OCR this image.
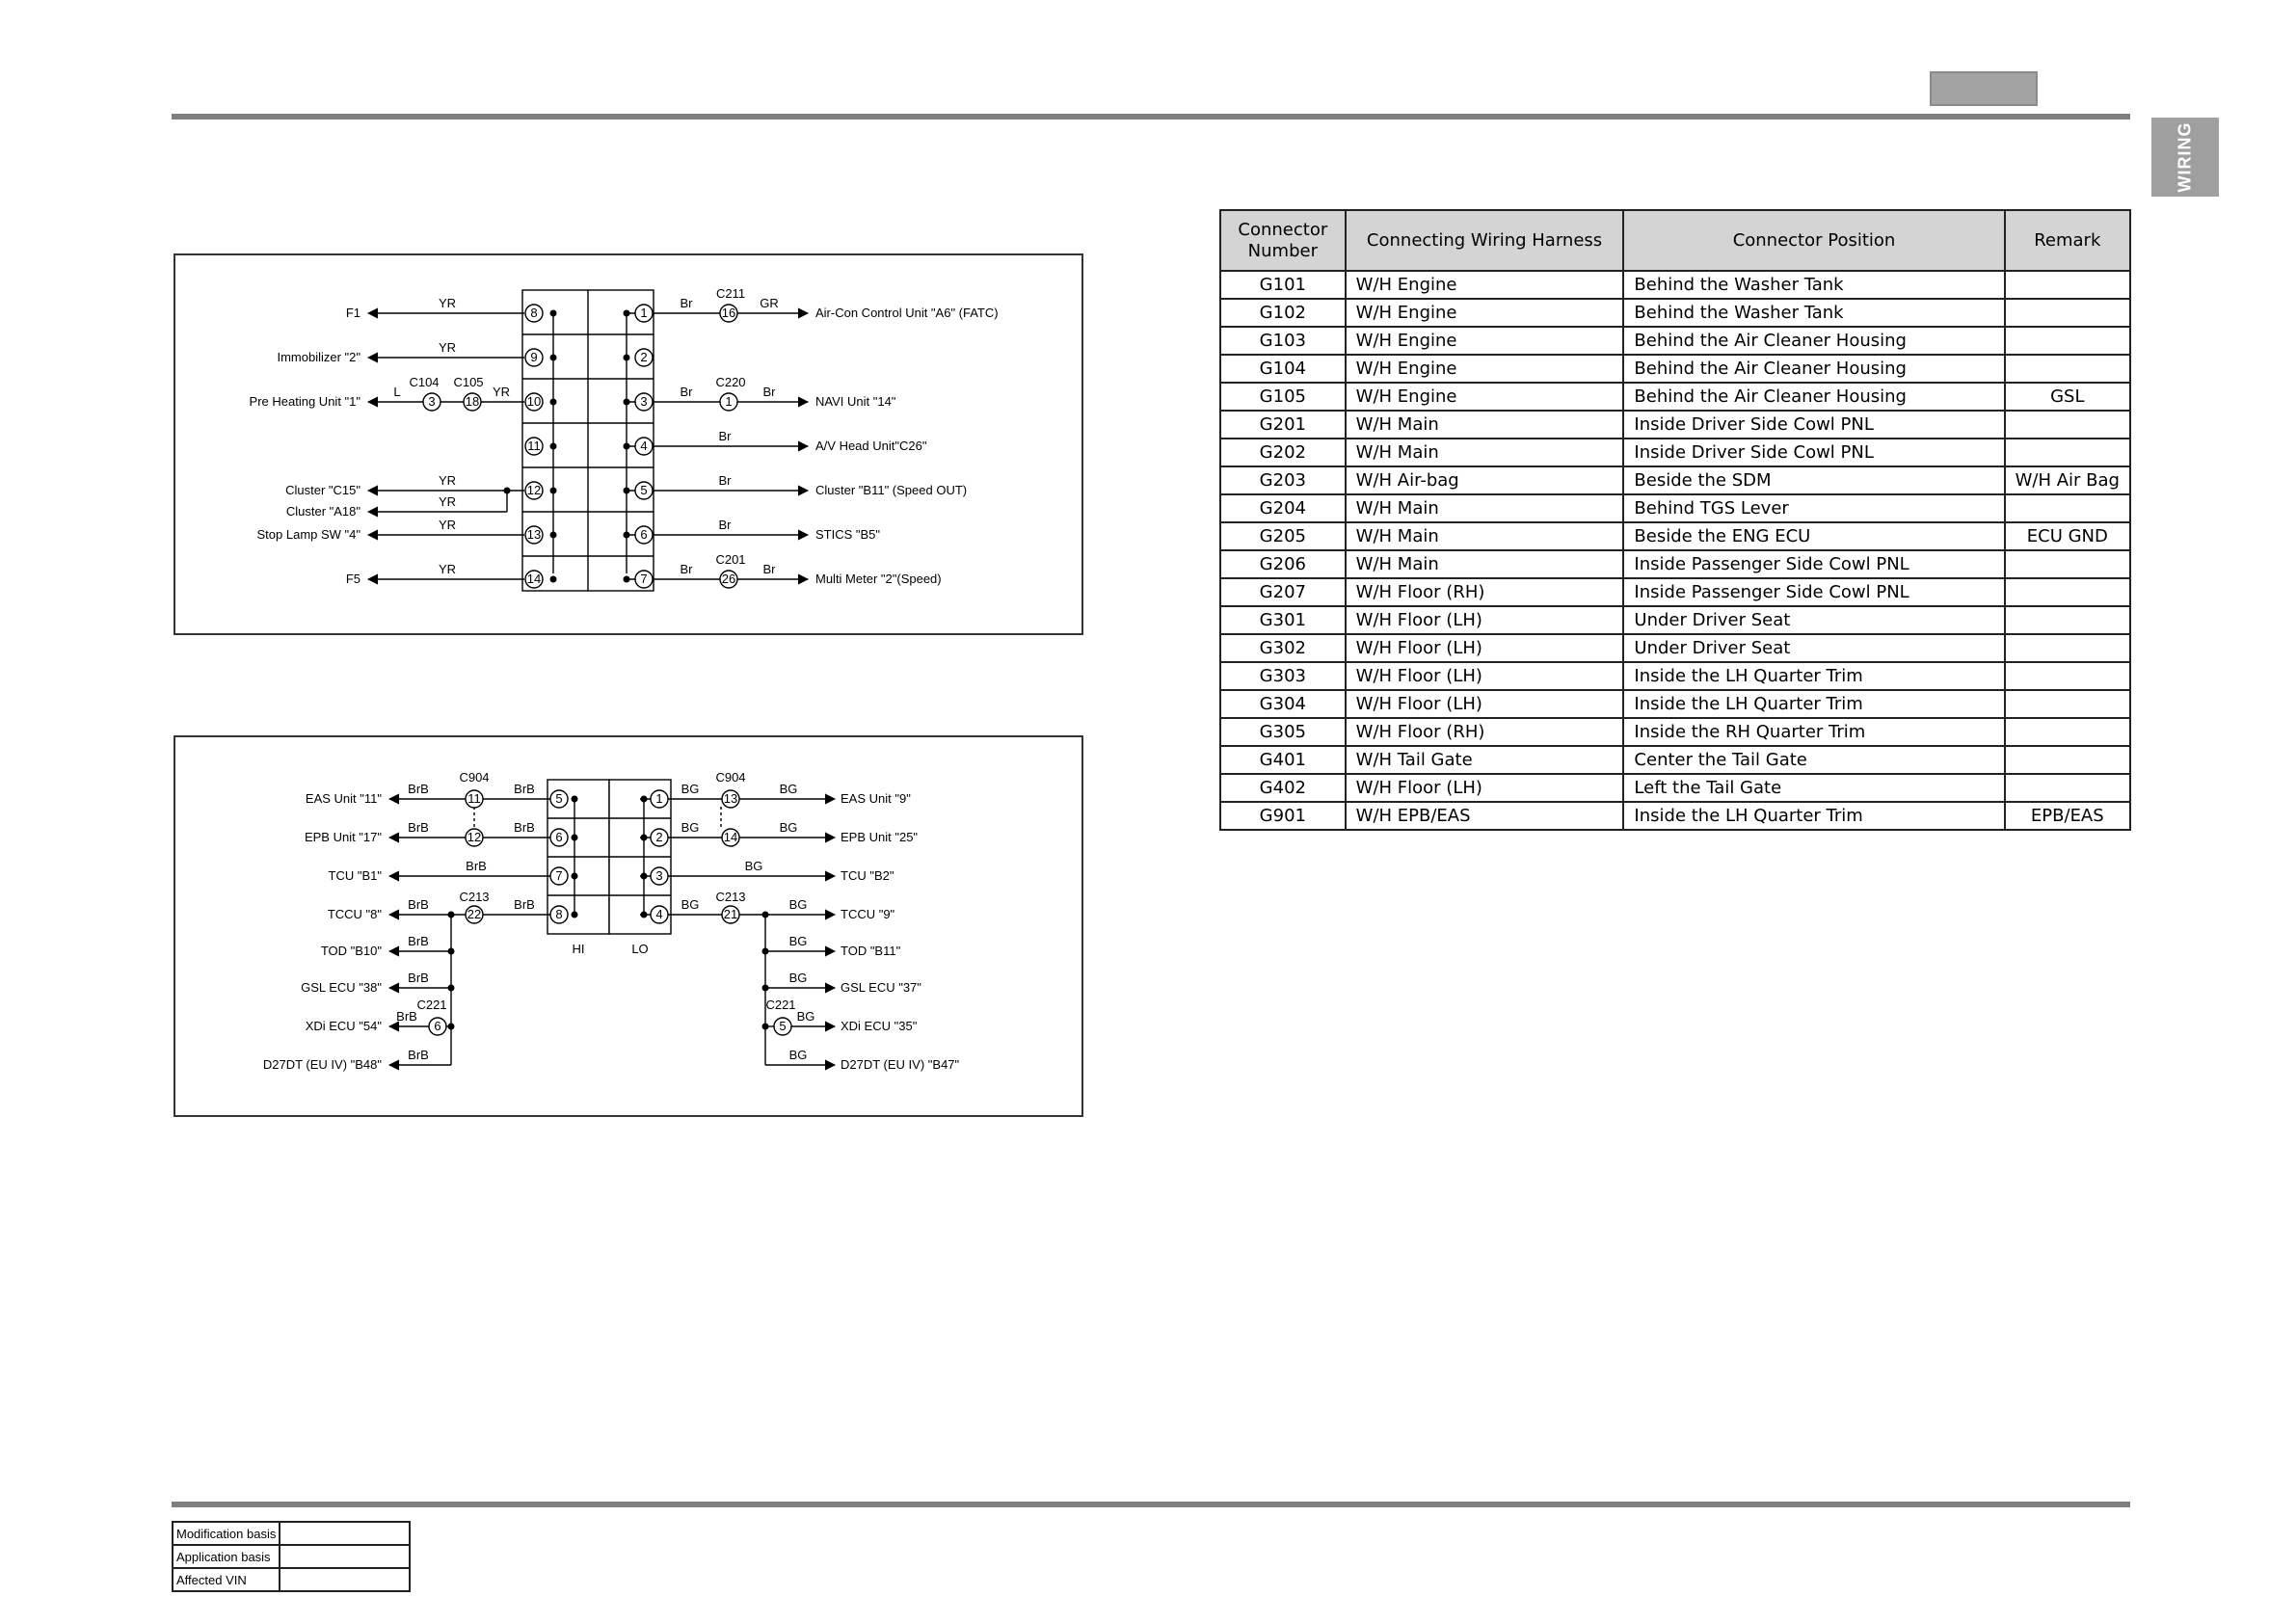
WIRING
8
9
10
11
12
13
14
1
2
3
4
5
6
7
16
1
26
3 18
C211
C220
C201
C104 C105
YR
YR
YR
L
YR
YR
YR
YR
Br	GR
Br	Br
Br
Br
Br
Br	Br
F1
Immobilizer "2"
Pre Heating Unit "1"
Cluster "C15"
Cluster "A18"
Stop Lamp SW "4"
F5
Air-Con Control Unit "A6" (FATC)
NAVI Unit "14"
A/V Head Unit"C26"
Cluster "B11" (Speed OUT)
STICS "B5"
Multi Meter "2"(Speed)
5
6
7
8
1
2
3
4
11
12
22
6
13
14
21
5
C904	C904
C213	C213
C221	C221
BrB	BrB
BrB	BrB
BrB
BrB	BrB
BrB
BrB
BrB
BrB
BG	BG
BG	BG
BG
BG	BG
BG
BG
BG
BG
HI	LO
EAS Unit "11"
EPB Unit "17"
TCU "B1"
TCCU "8"
TOD "B10"
GSL ECU "38"
XDi ECU "54"
D27DT (EU IV) "B48"
EAS Unit "9"
EPB Unit "25"
TCU "B2"
TCCU "9"
TOD "B11"
GSL ECU "37"
XDi ECU "35"
D27DT (EU IV) "B47"
Connector Number	Connecting Wiring Harness	Connector Position	Remark
G101	W/H Engine	Behind the Washer Tank	
G102	W/H Engine	Behind the Washer Tank	
G103	W/H Engine	Behind the Air Cleaner Housing	
G104	W/H Engine	Behind the Air Cleaner Housing	
G105	W/H Engine	Behind the Air Cleaner Housing	GSL
G201	W/H Main	Inside Driver Side Cowl PNL	
G202	W/H Main	Inside Driver Side Cowl PNL	
G203	W/H Air-bag	Beside the SDM	W/H Air Bag
G204	W/H Main	Behind TGS Lever	
G205	W/H Main	Beside the ENG ECU	ECU GND
G206	W/H Main	Inside Passenger Side Cowl PNL	
G207	W/H Floor (RH)	Inside Passenger Side Cowl PNL	
G301	W/H Floor (LH)	Under Driver Seat	
G302	W/H Floor (LH)	Under Driver Seat	
G303	W/H Floor (LH)	Inside the LH Quarter Trim	
G304	W/H Floor (LH)	Inside the LH Quarter Trim	
G305	W/H Floor (RH)	Inside the RH Quarter Trim	
G401	W/H Tail Gate	Center the Tail Gate	
G402	W/H Floor (LH)	Left the Tail Gate	
G901	W/H EPB/EAS	Inside the LH Quarter Trim	EPB/EAS
Modification basis	
Application basis	
Affected VIN	
